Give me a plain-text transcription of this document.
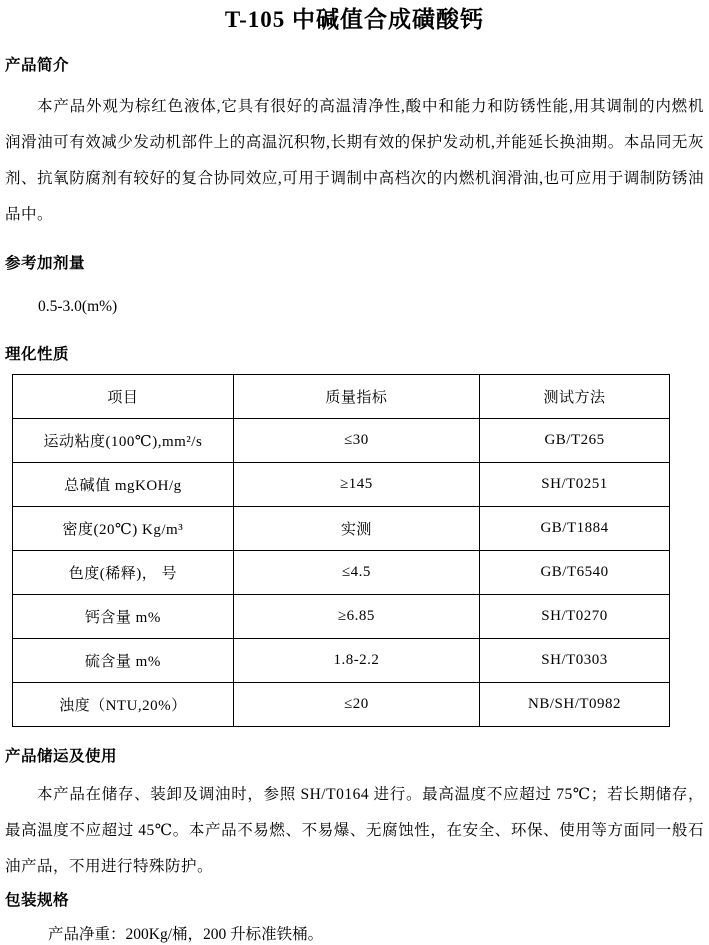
T-105 中碱值合成磺酸钙
产品简介

本产品外观为棕红色液体,它具有很好的高温清净性,酸中和能力和防锈性能,用其调制的内燃机润滑油可有效减少发动机部件上的高温沉积物,长期有效的保护发动机,并能延长换油期。本品同无灰剂、抗氧防腐剂有较好的复合协同效应,可用于调制中高档次的内燃机润滑油,也可应用于调制防锈油品中。

参考加剂量

0.5-3.0(m%)

理化性质
项目	质量指标	测试方法
运动粘度(100℃),mm²/s	≤30	GB/T265
总碱值 mgKOH/g	≥145	SH/T0251
密度(20℃) Kg/m³	实测	GB/T1884
色度(稀释)， 号	≤4.5	GB/T6540
钙含量 m%	≥6.85	SH/T0270
硫含量 m%	1.8-2.2	SH/T0303
浊度（NTU,20%）	≤20	NB/SH/T0982
产品储运及使用

本产品在储存、装卸及调油时，参照 SH/T0164 进行。最高温度不应超过 75℃；若长期储存，最高温度不应超过 45℃。本产品不易燃、不易爆、无腐蚀性，在安全、环保、使用等方面同一般石油产品，不用进行特殊防护。

包装规格

产品净重：200Kg/桶，200 升标准铁桶。
